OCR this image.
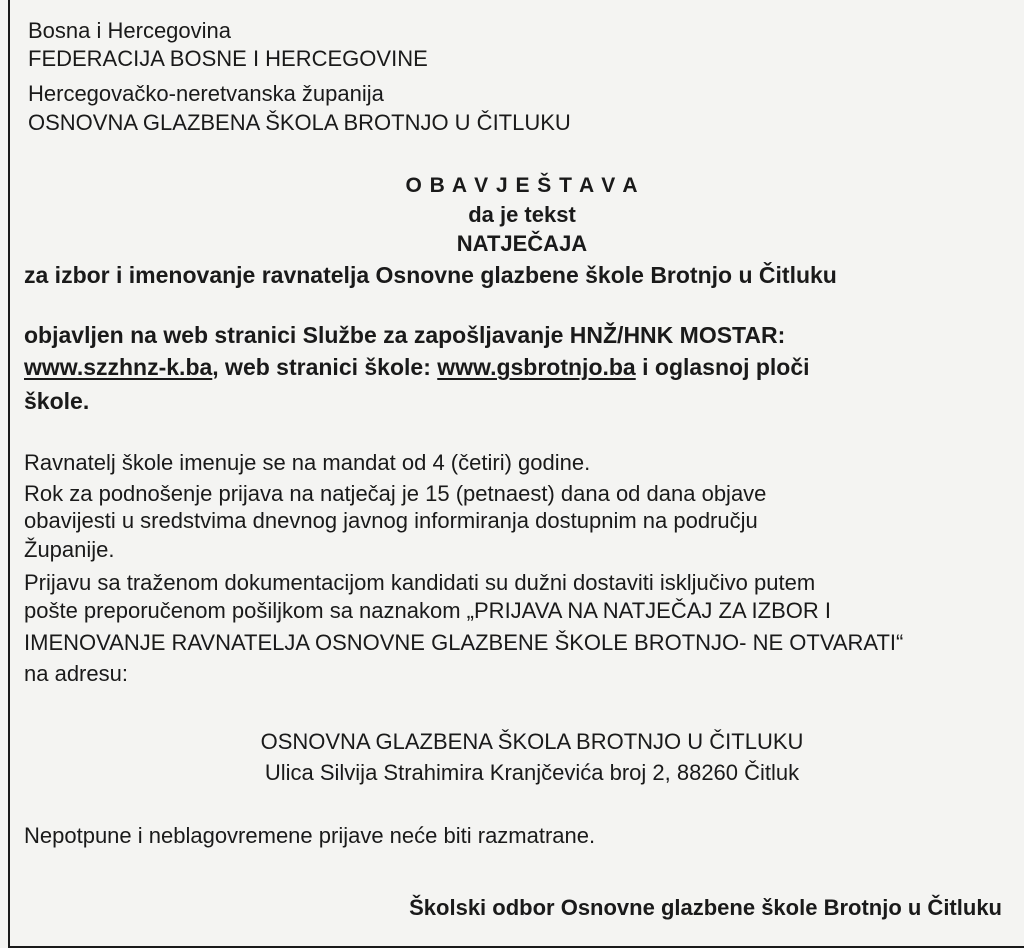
Bosna i Hercegovina
FEDERACIJA BOSNE I HERCEGOVINE
Hercegovačko-neretvanska županija
OSNOVNA GLAZBENA ŠKOLA BROTNJO U ČITLUKU
O B A V J E Š T A V A
da je tekst
NATJEČAJA
za izbor i imenovanje ravnatelja Osnovne glazbene škole Brotnjo u Čitluku
objavljen na web stranici Službe za zapošljavanje HNŽ/HNK MOSTAR:
www.szzhnz-k.ba, web stranici škole: www.gsbrotnjo.ba i oglasnoj ploči
škole.
Ravnatelj škole imenuje se na mandat od 4 (četiri) godine.
Rok za podnošenje prijava na natječaj je 15 (petnaest) dana od dana objave
obavijesti u sredstvima dnevnog javnog informiranja dostupnim na području
Županije.
Prijavu sa traženom dokumentacijom kandidati su dužni dostaviti isključivo putem
pošte preporučenom pošiljkom sa naznakom „PRIJAVA NA NATJEČAJ ZA IZBOR I
IMENOVANJE RAVNATELJA OSNOVNE GLAZBENE ŠKOLE BROTNJO- NE OTVARATI“
na adresu:
OSNOVNA GLAZBENA ŠKOLA BROTNJO U ČITLUKU
Ulica Silvija Strahimira Kranjčevića broj 2, 88260 Čitluk
Nepotpune i neblagovremene prijave neće biti razmatrane.
Školski odbor Osnovne glazbene škole Brotnjo u Čitluku
